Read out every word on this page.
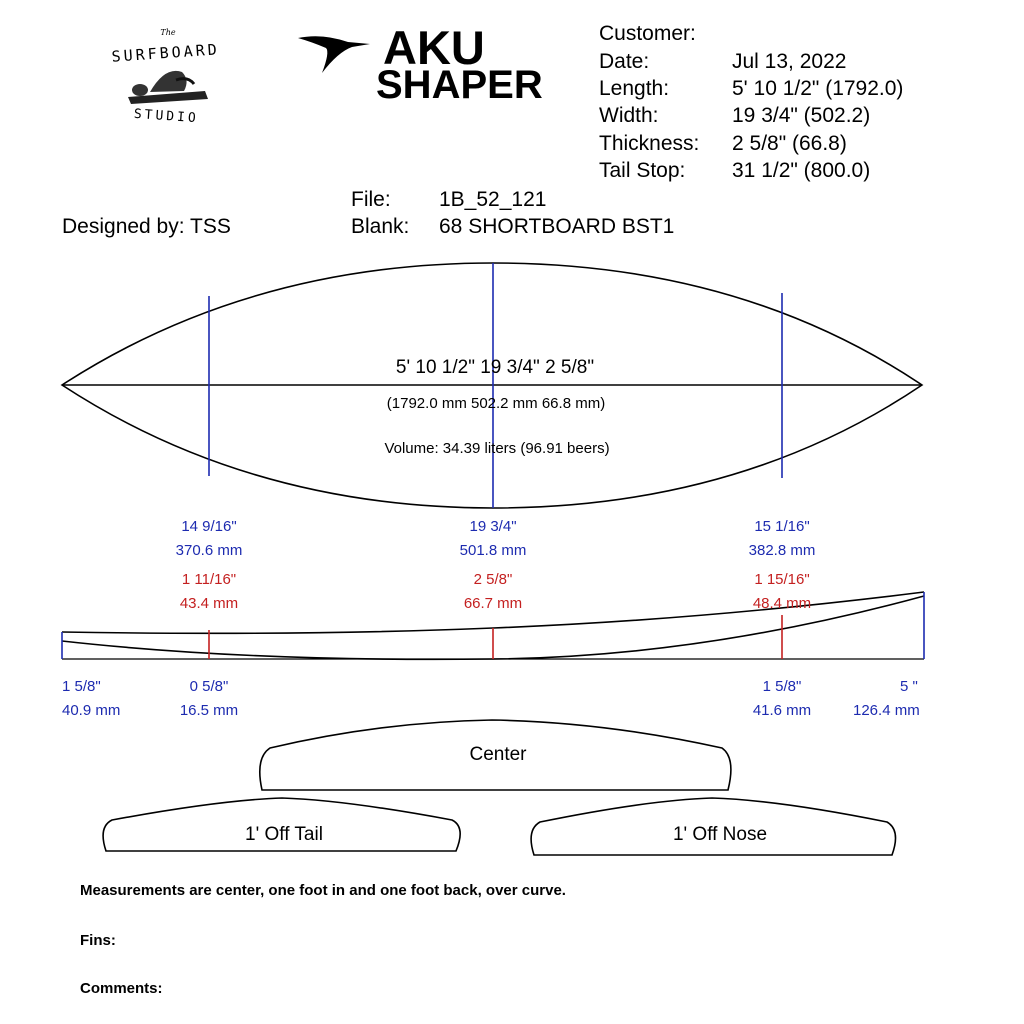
The
SURFBOARD
STUDIO
AKU
SHAPER
Customer:
Date:	Jul 13, 2022
Length:	5' 10 1/2" (1792.0)
Width:	19 3/4" (502.2)
Thickness: 2 5/8" (66.8)
Tail Stop: 31 1/2" (800.0)
File: 1B_52_121
Blank: 68 SHORTBOARD BST1
Designed by: TSS
5' 10 1/2" 19 3/4" 2 5/8"
(1792.0 mm 502.2 mm 66.8 mm)
Volume: 34.39 liters (96.91 beers)
14 9/16"
370.6 mm
19 3/4"
501.8 mm
15 1/16"
382.8 mm
1 11/16"
43.4 mm
2 5/8"
66.7 mm
1 15/16"
48.4 mm
1 5/8"
40.9 mm
0 5/8"
16.5 mm
1 5/8"
41.6 mm
5 "
126.4 mm
Center
1' Off Tail	1' Off Nose
Measurements are center, one foot in and one foot back, over curve.
Fins:
Comments:
